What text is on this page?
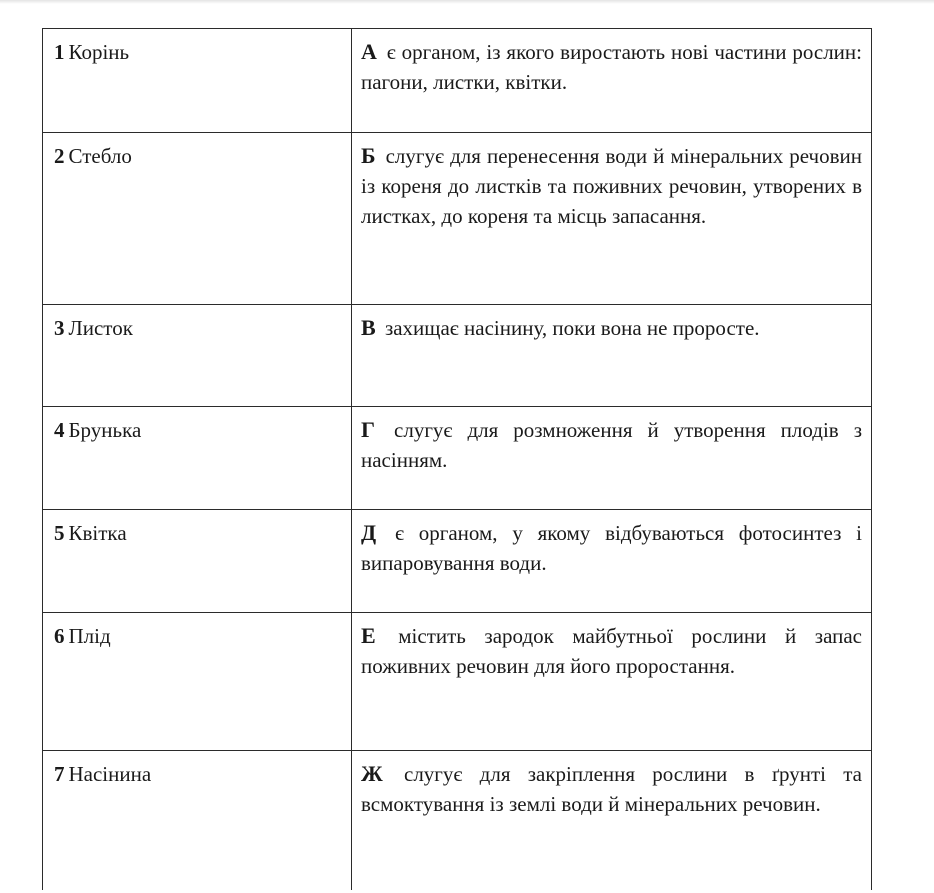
1 Корінь	А є органом, із якого виростають нові частини рослин: пагони, листки, квітки.
2 Стебло	Б слугує для перенесення води й мінеральних речовин із кореня до листків та поживних речовин, утворених в листках, до кореня та місць запасання.
3 Листок	В захищає насінину, поки вона не проросте.
4 Брунька	Г слугує для розмноження й утворення плодів з насінням.
5 Квітка	Д є органом, у якому відбуваються фотосинтез і випаровування води.
6 Плід	Е містить зародок майбутньої рослини й запас поживних речовин для його проростання.
7 Насінина	Ж слугує для закріплення рослини в ґрунті та всмоктування із землі води й мінеральних речовин.
